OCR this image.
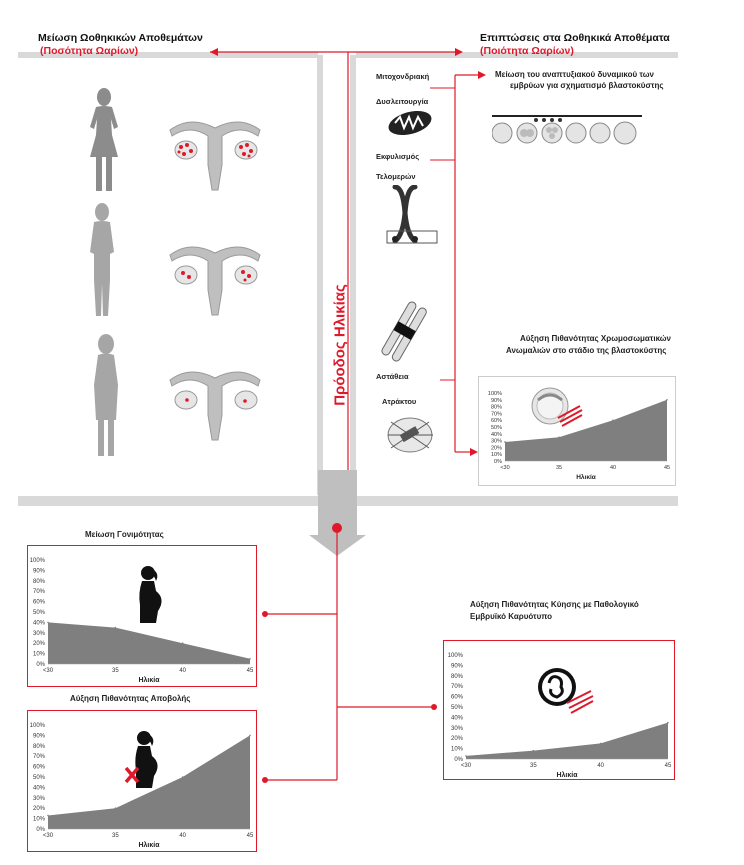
Μείωση Ωοθηκικών Αποθεμάτων
(Ποσότητα Ωαρίων)
Επιπτώσεις στα Ωοθηκικά Αποθέματα
(Ποιότητα Ωαρίων)
Πρόοδος Ηλικίας
Μιτοχονδριακή
Δυσλειτουργία
Εκφυλισμός
Τελομερών
Αστάθεια
Ατράκτου
Μείωση του αναπτυξιακού δυναμικού των
εμβρύων για σχηματισμό βλαστοκύστης
Αύξηση Πιθανότητας Χρωμοσωματικών
Ανωμαλιών στο στάδιο της βλαστοκύστης
0%
10%
20%
30%
40%
50%
60%
70%
80%
90%
100%
<30	35	40	45
Ηλικία
Μείωση Γονιμότητας
0%
10%
20%
30%
40%
50%
60%
70%
80%
90%
100%
<30	35	40	45
Ηλικία
Αύξηση Πιθανότητας Αποβολής
0%
10%
20%
30%
40%
50%
60%
70%
80%
90%
100%
<30	35	40	45
Ηλικία
Αύξηση Πιθανότητας Κύησης με Παθολογικό
Εμβρυϊκό Καρυότυπο
0%
10%
20%
30%
40%
50%
60%
70%
80%
90%
100%
<30	35	40	45
Ηλικία
